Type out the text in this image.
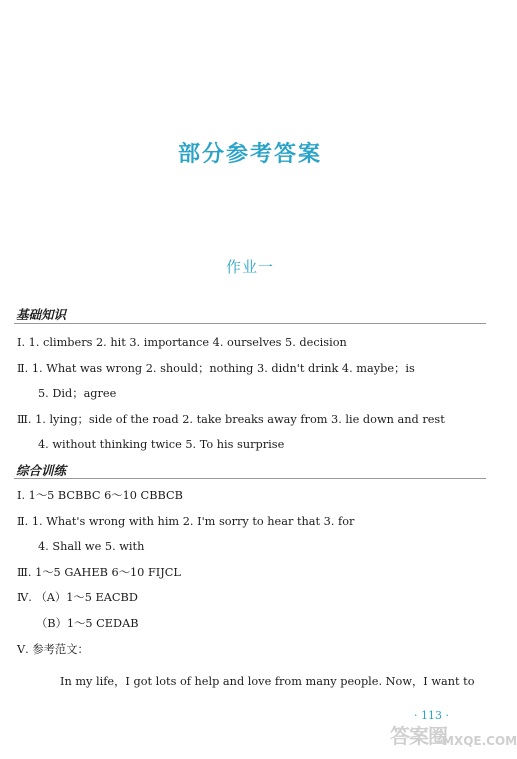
部分参考答案
作业一
基础知识
Ⅰ. 1. climbers 2. hit 3. importance 4. ourselves 5. decision
Ⅱ. 1. What was wrong 2. should；nothing 3. didn't drink 4. maybe；is
5. Did；agree
Ⅲ. 1. lying；side of the road 2. take breaks away from 3. lie down and rest
4. without thinking twice 5. To his surprise
综合训练
Ⅰ. 1～5 BCBBC 6～10 CBBCB
Ⅱ. 1. What's wrong with him 2. I'm sorry to hear that 3. for
4. Shall we 5. with
Ⅲ. 1～5 GAHEB 6～10 FIJCL
Ⅳ. （A）1～5 EACBD
（B）1～5 CEDAB
Ⅴ. 参考范文：
In my life，I got lots of help and love from many people. Now，I want to
· 113 ·
答案圈
MXQE.COM
